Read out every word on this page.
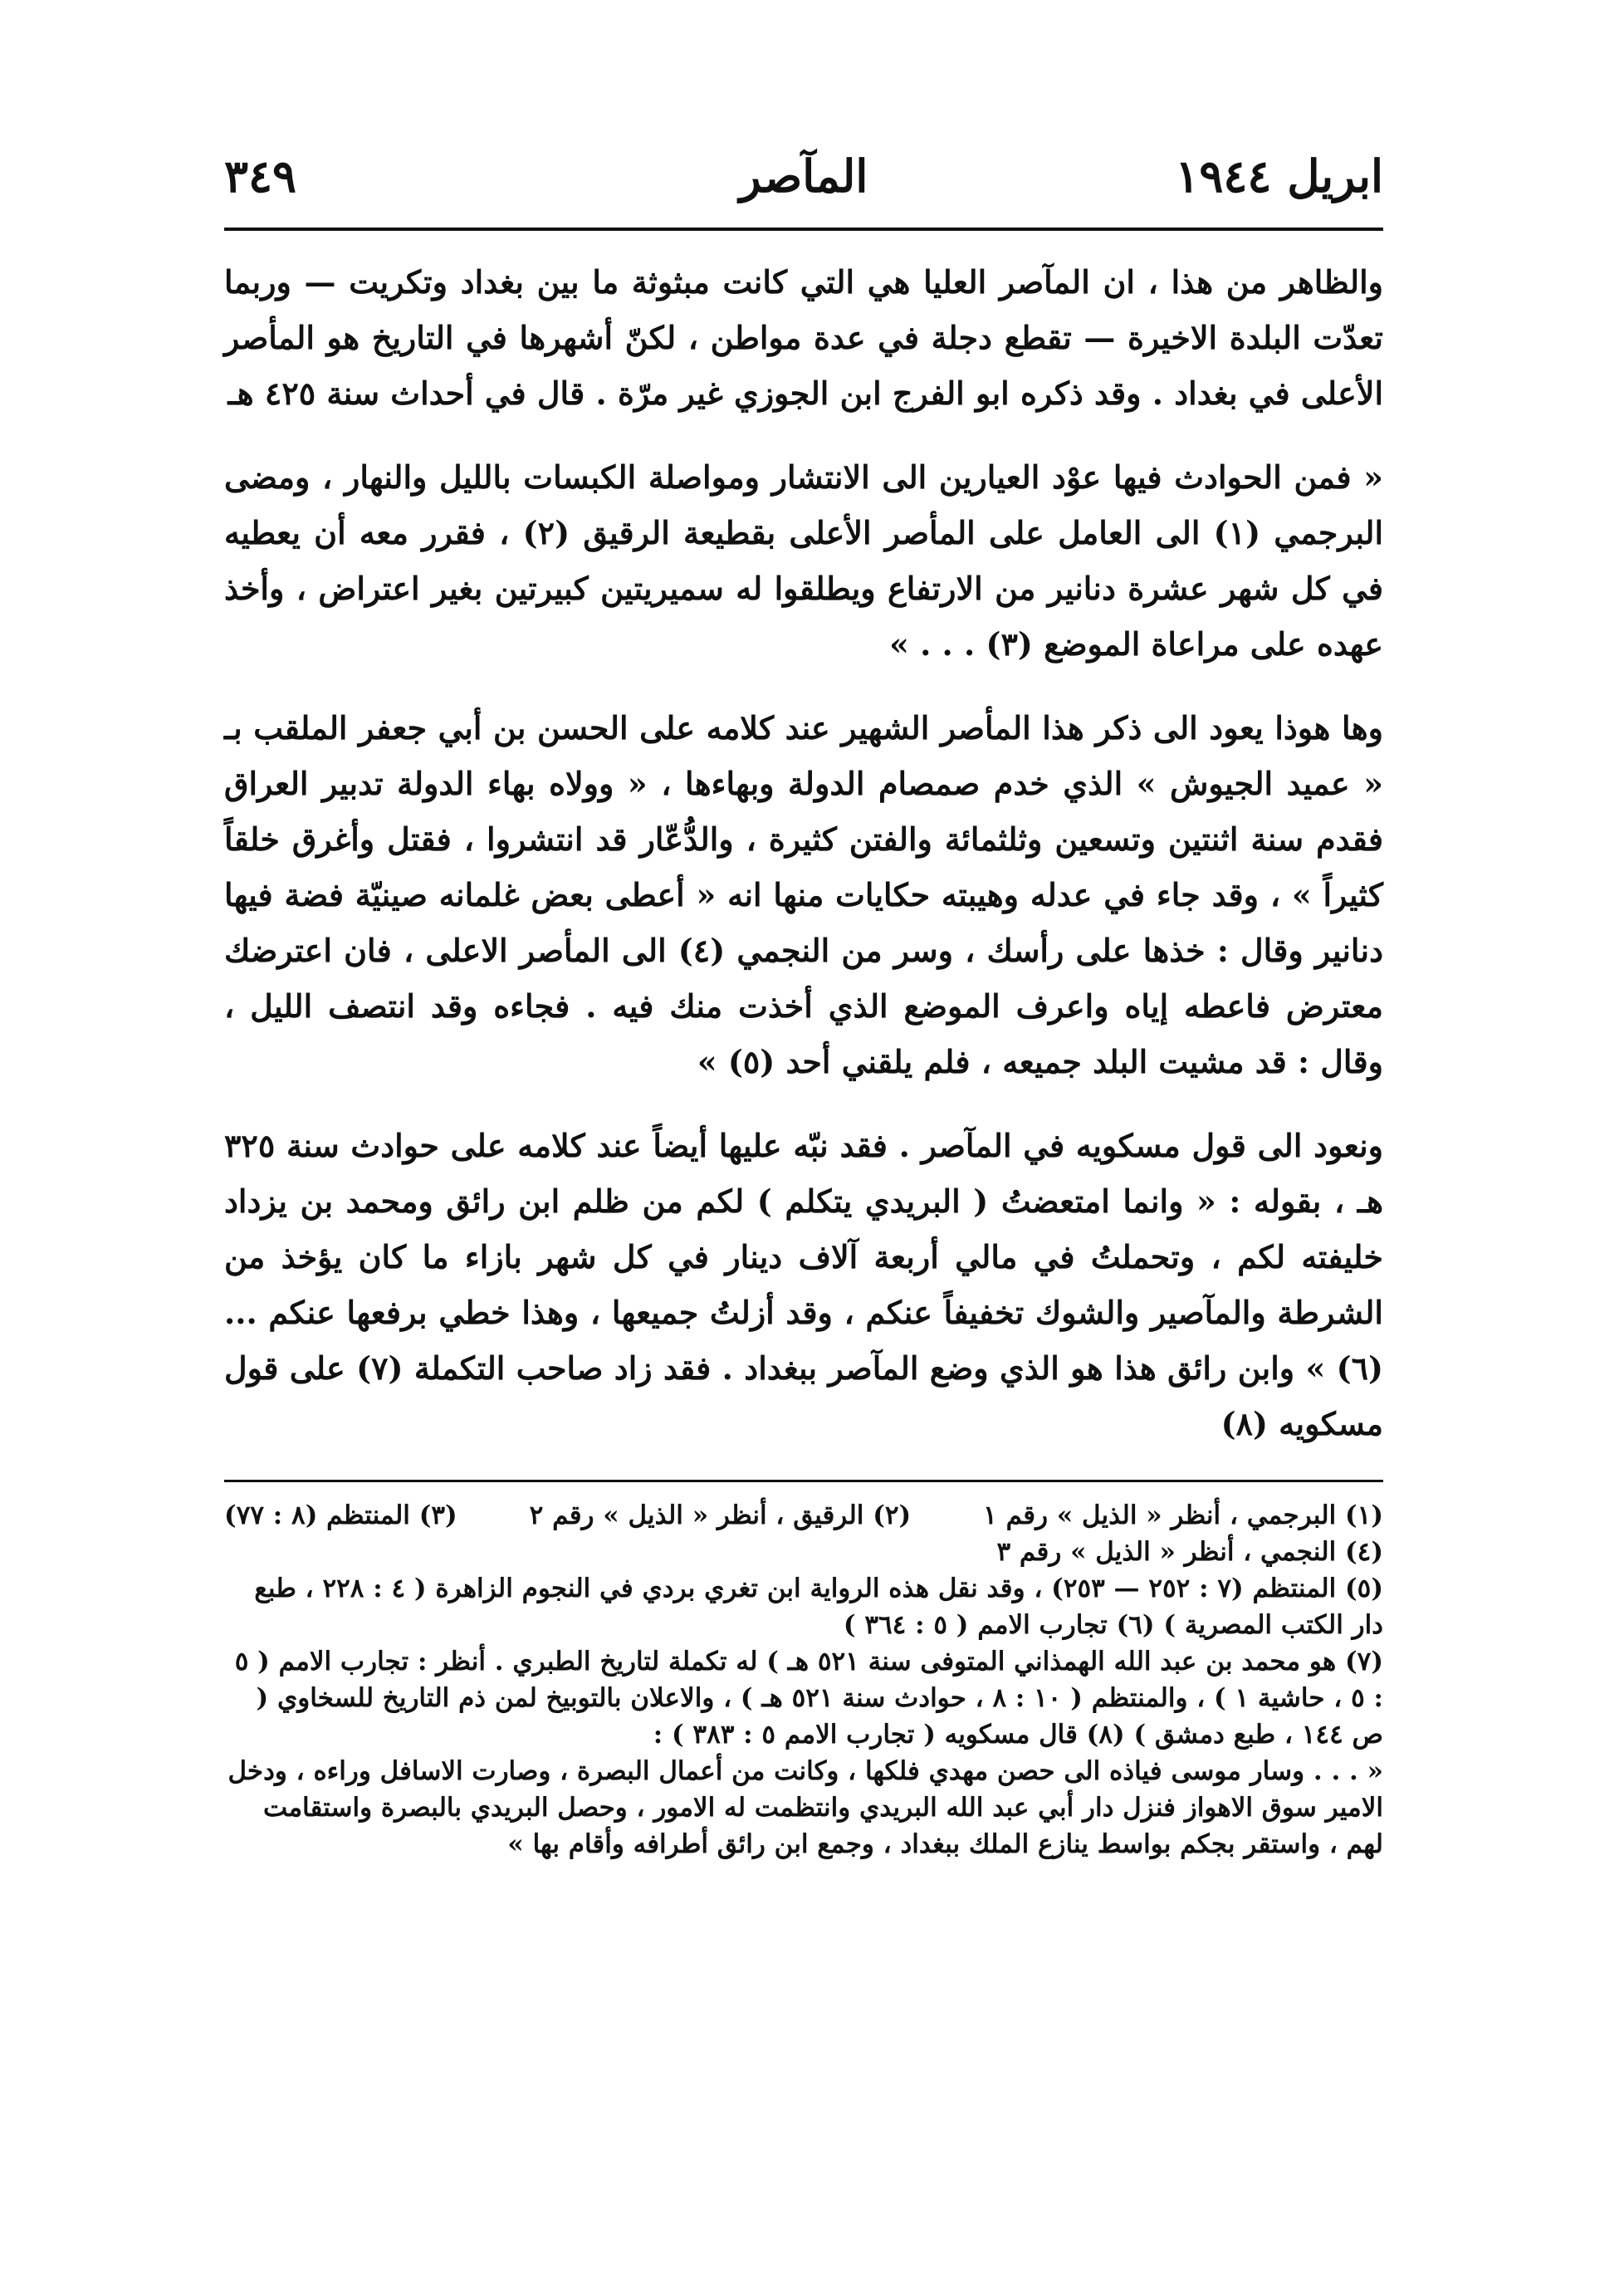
ابريل ١٩٤٤
المآصر
٣٤٩

والظاهر من هذا ، ان المآصر العليا هي التي كانت مبثوثة ما بين بغداد وتكريت — وربما تعدّت البلدة الاخيرة — تقطع دجلة في عدة مواطن ، لكنّ أشهرها في التاريخ هو المأصر الأعلى في بغداد . وقد ذكره ابو الفرج ابن الجوزي غير مرّة . قال في أحداث سنة ٤٢٥ هـ

« فمن الحوادث فيها عوْد العيارين الى الانتشار ومواصلة الكبسات بالليل والنهار ، ومضى البرجمي (١) الى العامل على المأصر الأعلى بقطيعة الرقيق (٢) ، فقرر معه أن يعطيه في كل شهر عشرة دنانير من الارتفاع ويطلقوا له سميريتين كبيرتين بغير اعتراض ، وأخذ عهده على مراعاة الموضع (٣) . . . »

وها هوذا يعود الى ذكر هذا المأصر الشهير عند كلامه على الحسن بن أبي جعفر الملقب بـ « عميد الجيوش » الذي خدم صمصام الدولة وبهاءها ، « وولاه بهاء الدولة تدبير العراق فقدم سنة اثنتين وتسعين وثلثمائة والفتن كثيرة ، والدُّعّار قد انتشروا ، فقتل وأغرق خلقاً كثيراً » ، وقد جاء في عدله وهيبته حكايات منها انه « أعطى بعض غلمانه صينيّة فضة فيها دنانير وقال : خذها على رأسك ، وسر من النجمي (٤) الى المأصر الاعلى ، فان اعترضك معترض فاعطه إياه واعرف الموضع الذي أخذت منك فيه . فجاءه وقد انتصف الليل ، وقال : قد مشيت البلد جميعه ، فلم يلقني أحد (٥) »

ونعود الى قول مسكويه في المآصر . فقد نبّه عليها أيضاً عند كلامه على حوادث سنة ٣٢٥ هـ ، بقوله : « وانما امتعضتُ ( البريدي يتكلم ) لكم من ظلم ابن رائق ومحمد بن يزداد خليفته لكم ، وتحملتُ في مالي أربعة آلاف دينار في كل شهر بازاء ما كان يؤخذ من الشرطة والمآصير والشوك تخفيفاً عنكم ، وقد أزلتُ جميعها ، وهذا خطي برفعها عنكم ... (٦) » وابن رائق هذا هو الذي وضع المآصر ببغداد . فقد زاد صاحب التكملة (٧) على قول مسكويه (٨)

(١) البرجمي ، أنظر « الذيل » رقم ١
(٢) الرقيق ، أنظر « الذيل » رقم ٢
(٣) المنتظم (٨ : ٧٧)

(٤) النجمي ، أنظر « الذيل » رقم ٣

(٥) المنتظم (٧ : ٢٥٢ — ٢٥٣) ، وقد نقل هذه الرواية ابن تغري بردي في النجوم الزاهرة ( ٤ : ٢٢٨ ، طبع دار الكتب المصرية ) (٦) تجارب الامم ( ٥ : ٣٦٤ )

(٧) هو محمد بن عبد الله الهمذاني المتوفى سنة ٥٢١ هـ ) له تكملة لتاريخ الطبري . أنظر : تجارب الامم ( ٥ : ٥ ، حاشية ١ ) ، والمنتظم ( ١٠ : ٨ ، حوادث سنة ٥٢١ هـ ) ، والاعلان بالتوبيخ لمن ذم التاريخ للسخاوي ( ص ١٤٤ ، طبع دمشق ) (٨) قال مسكويه ( تجارب الامم ٥ : ٣٨٣ ) :

« . . . وسار موسى فياذه الى حصن مهدي فلكها ، وكانت من أعمال البصرة ، وصارت الاسافل وراءه ، ودخل الامير سوق الاهواز فنزل دار أبي عبد الله البريدي وانتظمت له الامور ، وحصل البريدي بالبصرة واستقامت لهم ، واستقر بجكم بواسط ينازع الملك ببغداد ، وجمع ابن رائق أطرافه وأقام بها »
